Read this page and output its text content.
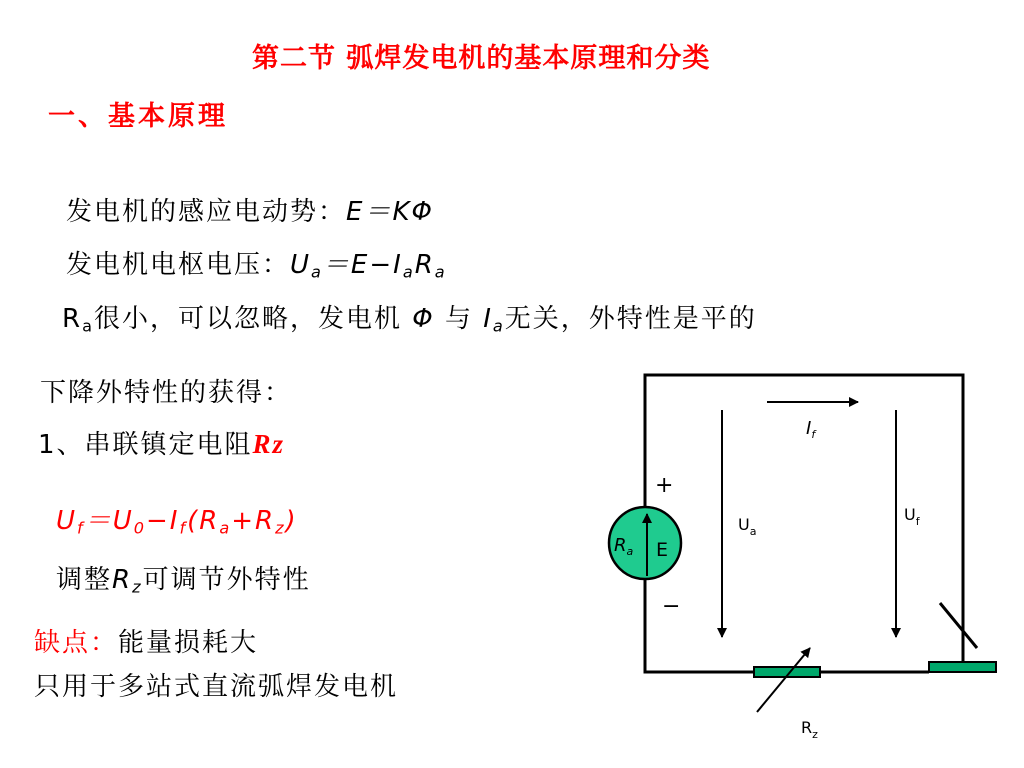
第二节 弧焊发电机的基本原理和分类
一、基本原理
发电机的感应电动势：E＝KΦ
发电机电枢电压：$U_a=E-I_aR_a$
$R_a$很小，可以忽略，发电机 Φ 与 $I_a$无关，外特性是平的
下降外特性的获得：
1、串联镇定电阻Rz
$U_f=U_0-I_f(R_a+R_z)$
调整$R_z$可调节外特性
缺点：能量损耗大
只用于多站式直流弧焊发电机
$R_a$ E
+
−
$I_f$
$U_a$
$U_f$
$R_z$
